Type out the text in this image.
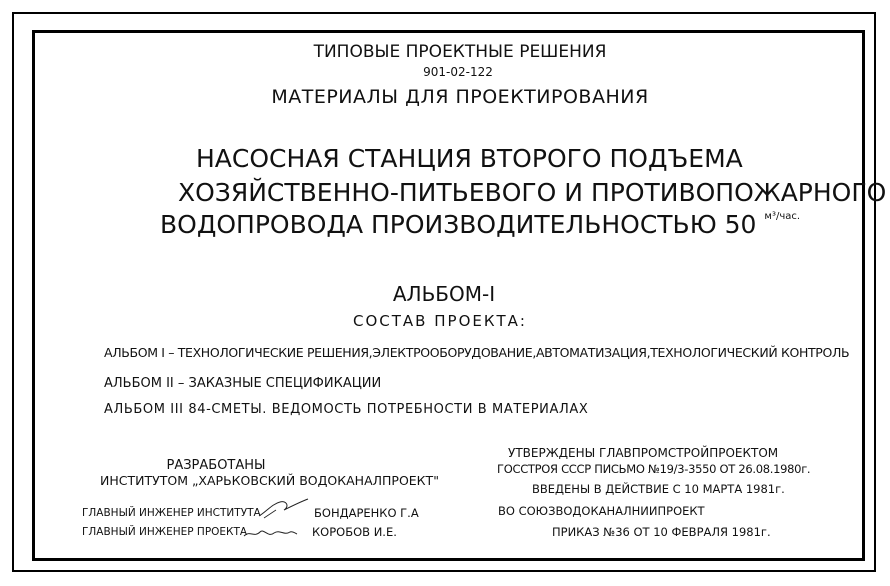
ТИПОВЫЕ ПРОЕКТНЫЕ РЕШЕНИЯ
901-02-122
МАТЕРИАЛЫ ДЛЯ ПРОЕКТИРОВАНИЯ
НАСОСНАЯ СТАНЦИЯ ВТОРОГО ПОДЪЕМА
ХОЗЯЙСТВЕННО-ПИТЬЕВОГО И ПРОТИВОПОЖАРНОГО
ВОДОПРОВОДА ПРОИЗВОДИТЕЛЬНОСТЬЮ 50 $^{м^3/час.}$
АЛЬБОМ-I
СОСТАВ ПРОЕКТА:
АЛЬБОМ I – ТЕХНОЛОГИЧЕСКИЕ РЕШЕНИЯ,ЭЛЕКТРООБОРУДОВАНИЕ,АВТОМАТИЗАЦИЯ,ТЕХНОЛОГИЧЕСКИЙ КОНТРОЛЬ
АЛЬБОМ II – ЗАКАЗНЫЕ СПЕЦИФИКАЦИИ
АЛЬБОМ III 84-СМЕТЫ. ВЕДОМОСТЬ ПОТРЕБНОСТИ В МАТЕРИАЛАХ
РАЗРАБОТАНЫ
ИНСТИТУТОМ „ХАРЬКОВСКИЙ ВОДОКАНАЛПРОЕКТ"
ГЛАВНЫЙ ИНЖЕНЕР ИНСТИТУТА	БОНДАРЕНКО Г.А
ГЛАВНЫЙ ИНЖЕНЕР ПРОЕКТА	КОРОБОВ И.Е.
УТВЕРЖДЕНЫ ГЛАВПРОМСТРОЙПРОЕКТОМ
ГОССТРОЯ СССР ПИСЬМО №19/3-3550 ОТ 26.08.1980г.
ВВЕДЕНЫ В ДЕЙСТВИЕ С 10 МАРТА 1981г.
ВО СОЮЗВОДОКАНАЛНИИПРОЕКТ
ПРИКАЗ №36 ОТ 10 ФЕВРАЛЯ 1981г.
